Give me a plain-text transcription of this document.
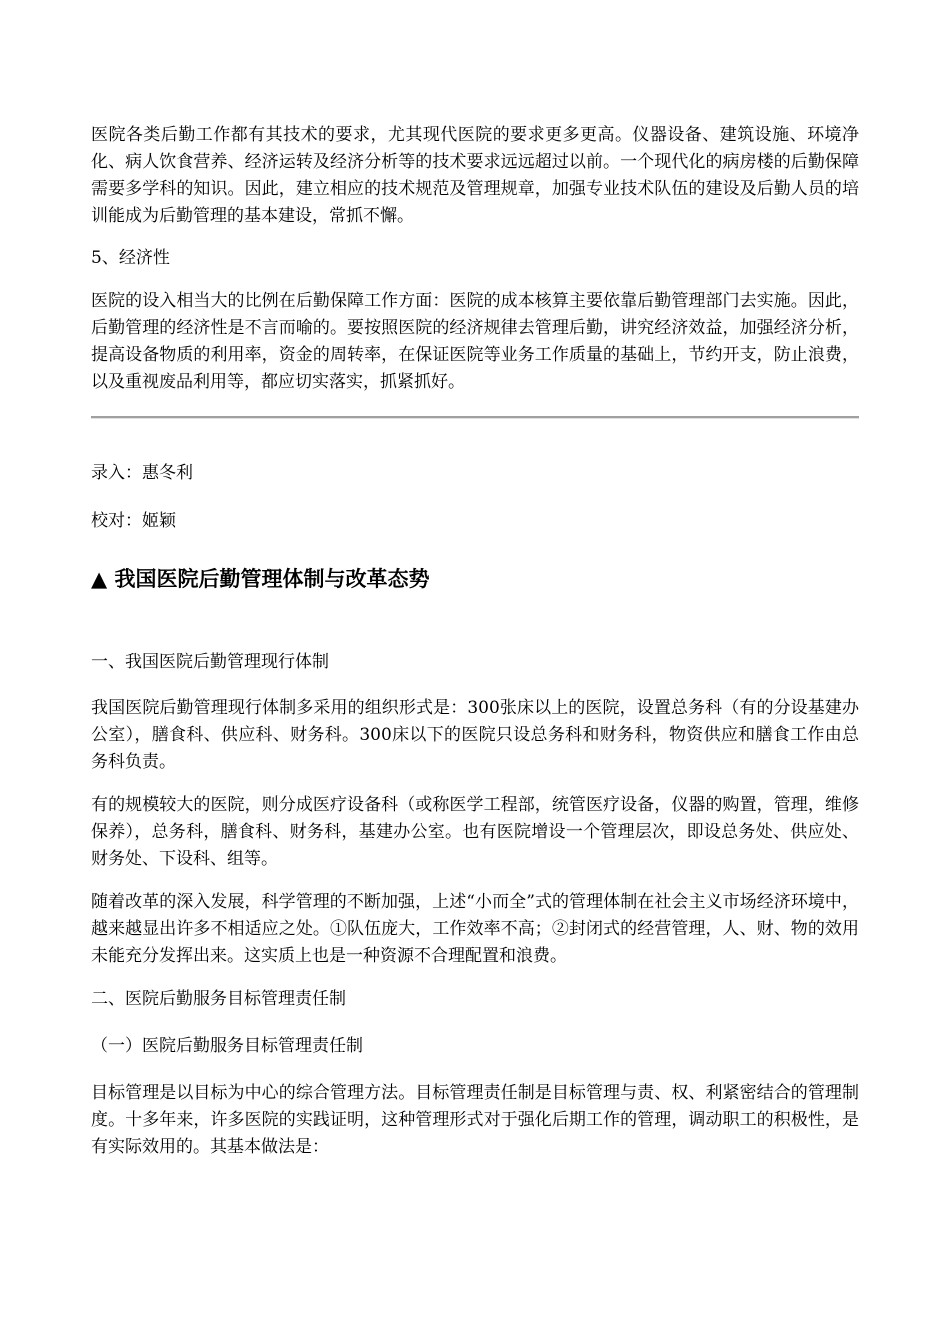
医院各类后勤工作都有其技术的要求，尤其现代医院的要求更多更高。仪器设备、建筑设施、环境净化、病人饮食营养、经济运转及经济分析等的技术要求远远超过以前。一个现代化的病房楼的后勤保障需要多学科的知识。因此，建立相应的技术规范及管理规章，加强专业技术队伍的建设及后勤人员的培训能成为后勤管理的基本建设，常抓不懈。

5、经济性

医院的设入相当大的比例在后勤保障工作方面：医院的成本核算主要依靠后勤管理部门去实施。因此，后勤管理的经济性是不言而喻的。要按照医院的经济规律去管理后勤，讲究经济效益，加强经济分析，提高设备物质的利用率，资金的周转率，在保证医院等业务工作质量的基础上，节约开支，防止浪费，以及重视废品利用等，都应切实落实，抓紧抓好。

录入：惠冬利

校对：姬颖

▲ 我国医院后勤管理体制与改革态势

一、我国医院后勤管理现行体制

我国医院后勤管理现行体制多采用的组织形式是：300张床以上的医院，设置总务科（有的分设基建办公室），膳食科、供应科、财务科。300床以下的医院只设总务科和财务科，物资供应和膳食工作由总务科负责。

有的规模较大的医院，则分成医疗设备科（或称医学工程部，统管医疗设备，仪器的购置，管理，维修保养），总务科，膳食科、财务科，基建办公室。也有医院增设一个管理层次，即设总务处、供应处、财务处、下设科、组等。

随着改革的深入发展，科学管理的不断加强，上述“小而全”式的管理体制在社会主义市场经济环境中，越来越显出许多不相适应之处。①队伍庞大，工作效率不高；②封闭式的经营管理，人、财、物的效用未能充分发挥出来。这实质上也是一种资源不合理配置和浪费。

二、医院后勤服务目标管理责任制

（一）医院后勤服务目标管理责任制

目标管理是以目标为中心的综合管理方法。目标管理责任制是目标管理与责、权、利紧密结合的管理制度。十多年来，许多医院的实践证明，这种管理形式对于强化后期工作的管理，调动职工的积极性，是有实际效用的。其基本做法是：
